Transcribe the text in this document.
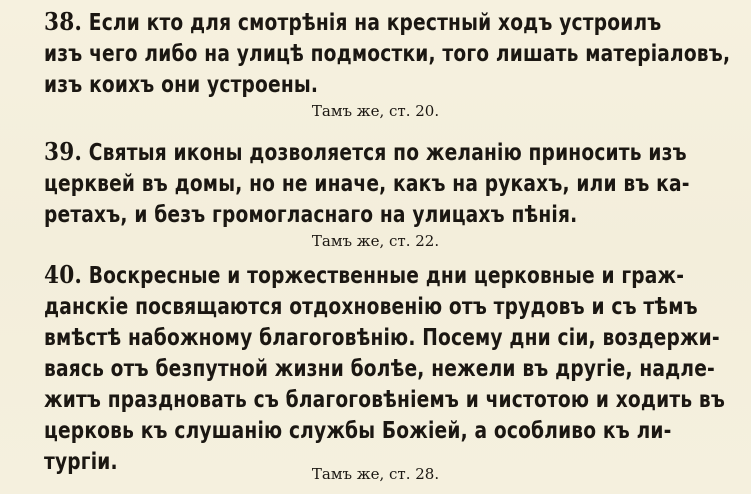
38. Если кто для смотрѣнія на крестный ходъ устроилъ
изъ чего либо на улицѣ подмостки, того лишать матеріаловъ,
изъ коихъ они устроены.
Тамъ же, ст. 20.
39. Святыя иконы дозволяется по желанію приносить изъ
церквей въ домы, но не иначе, какъ на рукахъ, или въ ка-
ретахъ, и безъ громогласнаго на улицахъ пѣнія.
Тамъ же, ст. 22.
40. Воскресные и торжественные дни церковные и граж-
данскіе посвящаются отдохновенію отъ трудовъ и съ тѣмъ
вмѣстѣ набожному благоговѣнію. Посему дни сіи, воздержи-
ваясь отъ безпутной жизни болѣе, нежели въ другіе, надле-
житъ праздновать съ благоговѣніемъ и чистотою и ходить въ
церковь къ слушанію службы Божіей, а особливо къ ли-
тургіи.	Тамъ же, ст. 28.
